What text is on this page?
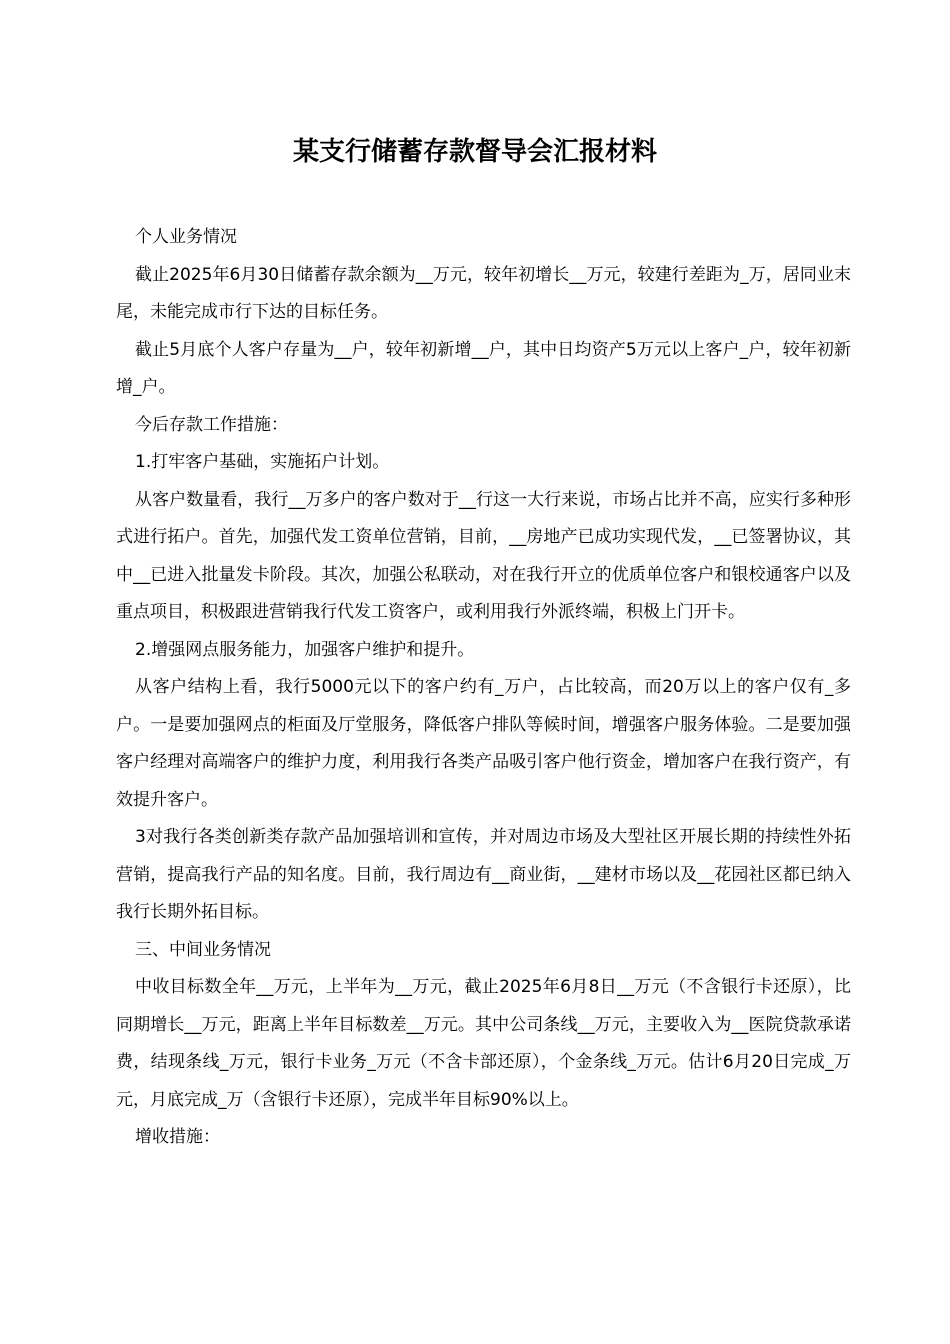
某支行储蓄存款督导会汇报材料

个人业务情况

截止2025年6月30日储蓄存款余额为__万元，较年初增长__万元，较建行差距为_万，居同业末尾，未能完成市行下达的目标任务。

截止5月底个人客户存量为__户，较年初新增__户，其中日均资产5万元以上客户_户，较年初新增_户。

今后存款工作措施：

1.打牢客户基础，实施拓户计划。

从客户数量看，我行__万多户的客户数对于__行这一大行来说，市场占比并不高，应实行多种形式进行拓户。首先，加强代发工资单位营销，目前，__房地产已成功实现代发，__已签署协议，其中__已进入批量发卡阶段。其次，加强公私联动，对在我行开立的优质单位客户和银校通客户以及重点项目，积极跟进营销我行代发工资客户，或利用我行外派终端，积极上门开卡。

2.增强网点服务能力，加强客户维护和提升。

从客户结构上看，我行5000元以下的客户约有_万户，占比较高，而20万以上的客户仅有_多户。一是要加强网点的柜面及厅堂服务，降低客户排队等候时间，增强客户服务体验。二是要加强客户经理对高端客户的维护力度，利用我行各类产品吸引客户他行资金，增加客户在我行资产，有效提升客户。

3对我行各类创新类存款产品加强培训和宣传，并对周边市场及大型社区开展长期的持续性外拓营销，提高我行产品的知名度。目前，我行周边有__商业街，__建材市场以及__花园社区都已纳入我行长期外拓目标。

三、中间业务情况

中收目标数全年__万元，上半年为__万元，截止2025年6月8日__万元（不含银行卡还原），比同期增长__万元，距离上半年目标数差__万元。其中公司条线__万元，主要收入为__医院贷款承诺费，结现条线_万元，银行卡业务_万元（不含卡部还原），个金条线_万元。估计6月20日完成_万元，月底完成_万（含银行卡还原），完成半年目标90%以上。

增收措施：
